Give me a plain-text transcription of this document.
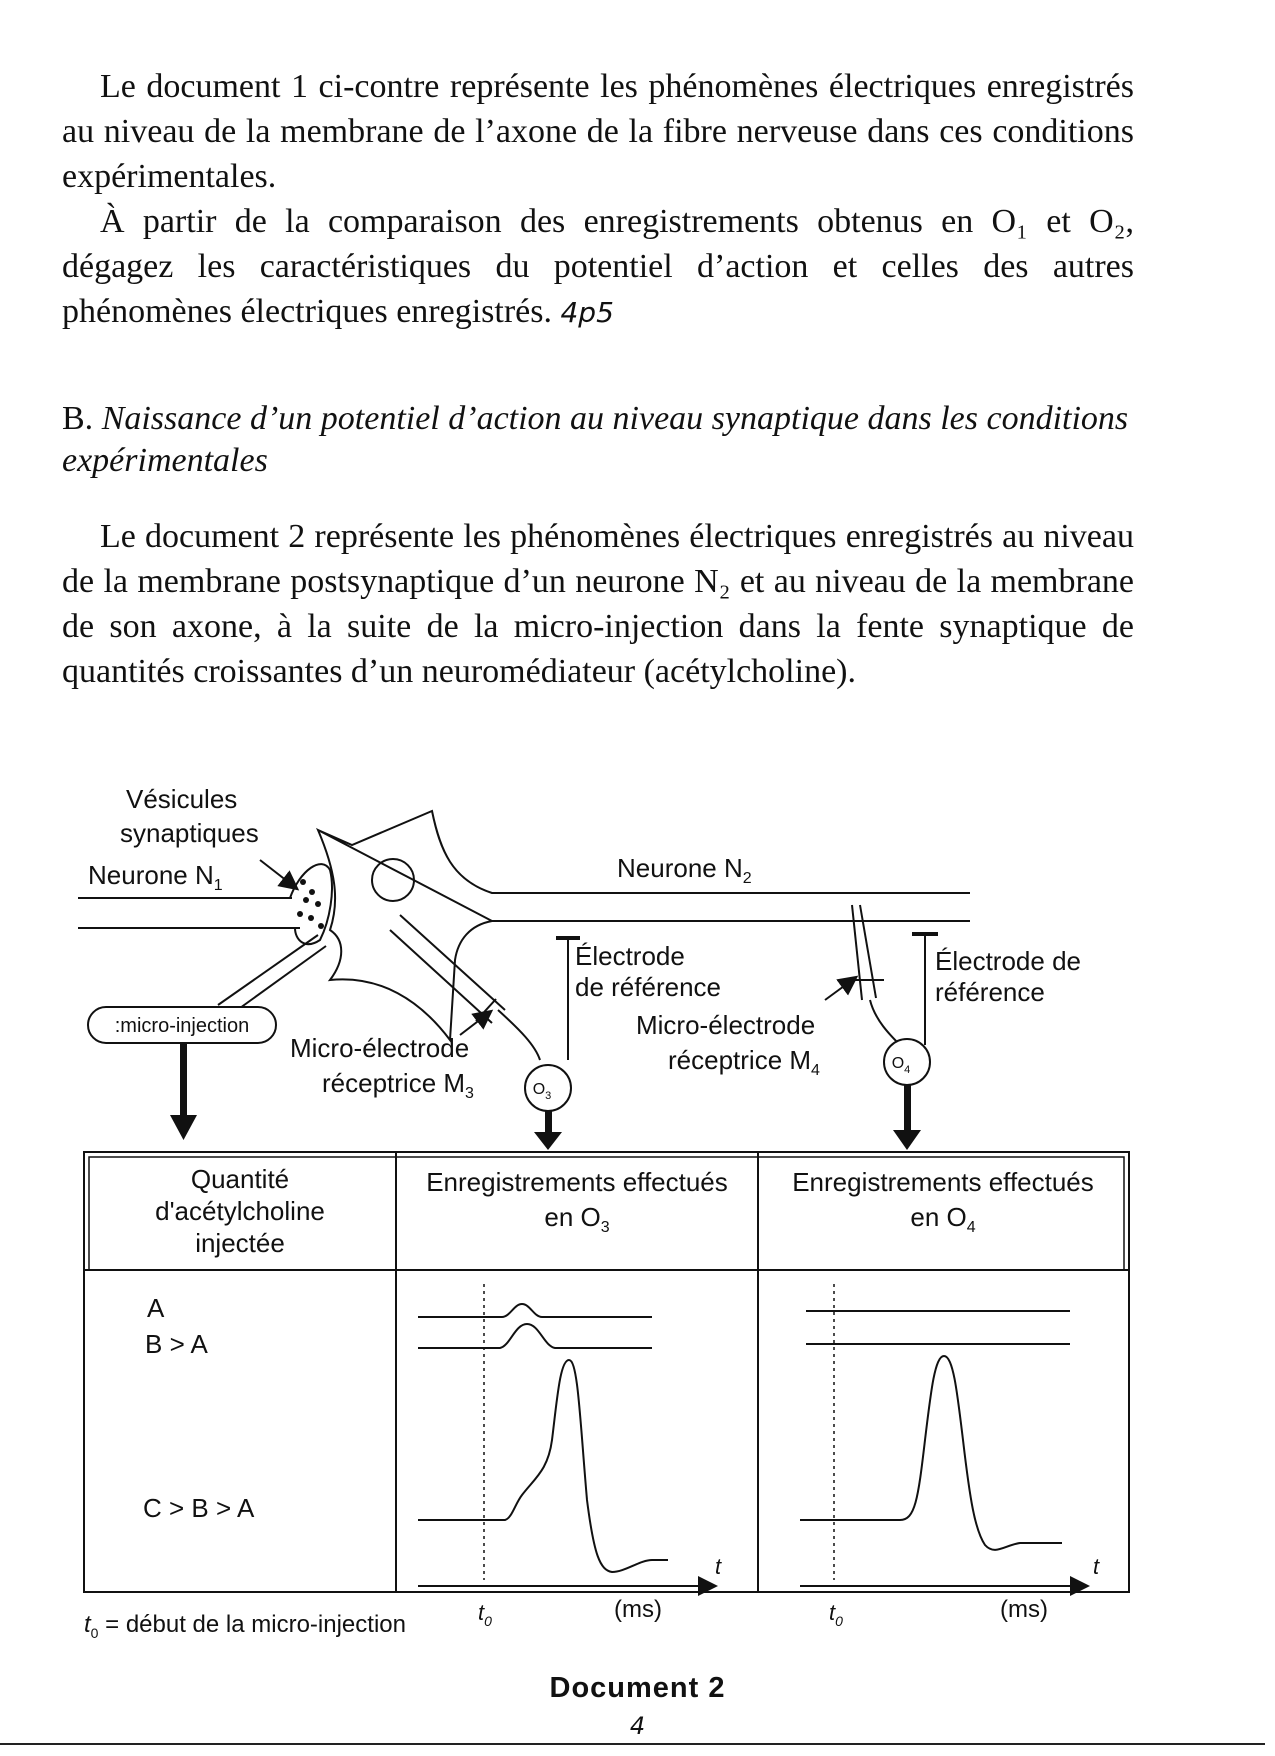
Le document 1 ci-contre représente les phénomènes électriques enregistrés au niveau de la membrane de l’axone de la fibre nerveuse dans ces conditions expérimentales.

À partir de la comparaison des enregistrements obtenus en O₁ et O₂, dégagez les caractéristiques du potentiel d’action et celles des autres phénomènes électriques enregistrés. 4p5

B. Naissance d’un potentiel d’action au niveau synaptique dans les conditions expérimentales

Le document 2 représente les phénomènes électriques enregistrés au niveau de la membrane postsynaptique d’un neurone N₂ et au niveau de la membrane de son axone, à la suite de la micro-injection dans la fente synaptique de quantités croissantes d’un neuromédiateur (acétylcholine).

:micro-injection
$O_3$
$O_4$
Vésicules
synaptiques
Neurone $N_1$
Neurone $N_2$
Électrode
de référence
Électrode de
référence
Micro-électrode
réceptrice $M_3$
Micro-électrode
réceptrice $M_4$
Quantité
d'acétylcholine
injectée
Enregistrements effectués
en $O_3$
Enregistrements effectués
en $O_4$
A
B > A
C > B > A
$t_0$	(ms)
t
$t_0$	(ms)
t
$t_0$ = début de la micro-injection
Document 2
4
